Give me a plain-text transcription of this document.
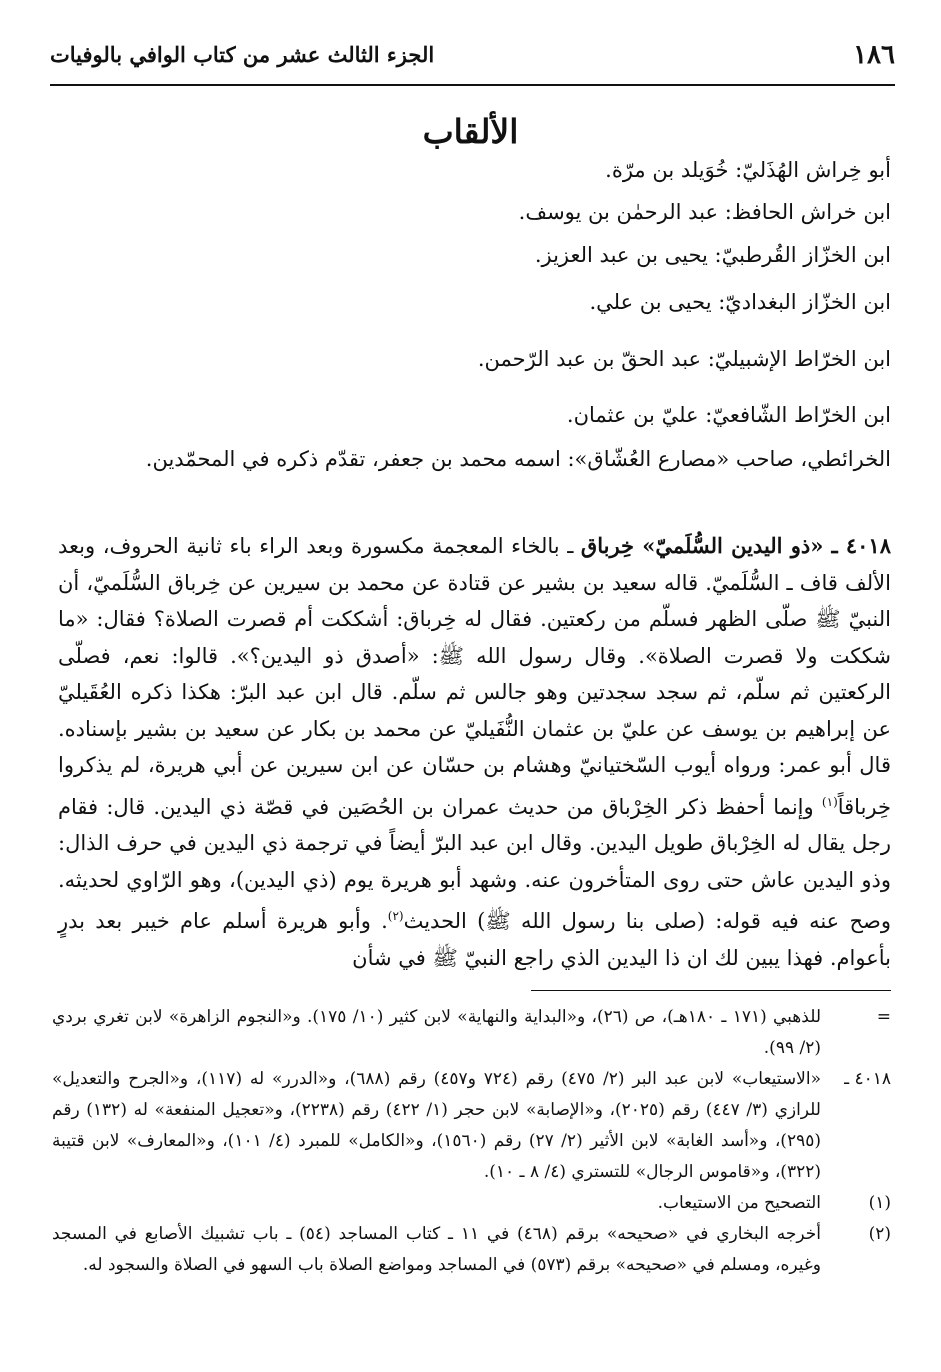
١٨٦
الجزء الثالث عشر من كتاب الوافي بالوفيات
الألقاب

أبو خِراش الهُذَليّ: خُوَيلد بن مرّة.

ابن خراش الحافظ: عبد الرحمٰن بن يوسف.

ابن الخزّاز القُرطبيّ: يحيى بن عبد العزيز.

ابن الخزّاز البغداديّ: يحيى بن علي.

ابن الخرّاط الإشبيليّ: عبد الحقّ بن عبد الرّحمن.

ابن الخرّاط الشّافعيّ: عليّ بن عثمان.

الخرائطي، صاحب «مصارع العُشّاق»: اسمه محمد بن جعفر، تقدّم ذكره في المحمّدين.

٤٠١٨ ـ «ذو اليدين السُّلَميّ» خِرباق ـ بالخاء المعجمة مكسورة وبعد الراء باء ثانية الحروف، وبعد الألف قاف ـ السُّلَميّ. قاله سعيد بن بشير عن قتادة عن محمد بن سيرين عن خِرباق السُّلَميّ، أن النبيّ ﷺ صلّى الظهر فسلّم من ركعتين. فقال له خِرباق: أشككت أم قصرت الصلاة؟ فقال: «ما شككت ولا قصرت الصلاة». وقال رسول الله ﷺ: «أصدق ذو اليدين؟». قالوا: نعم، فصلّى الركعتين ثم سلّم، ثم سجد سجدتين وهو جالس ثم سلّم. قال ابن عبد البرّ: هكذا ذكره العُقَيليّ عن إبراهيم بن يوسف عن عليّ بن عثمان النُّفَيليّ عن محمد بن بكار عن سعيد بن بشير بإسناده. قال أبو عمر: ورواه أيوب السّختيانيّ وهشام بن حسّان عن ابن سيرين عن أبي هريرة، لم يذكروا خِرباقاً$^{(١)}$ وإنما أحفظ ذكر الخِرْباق من حديث عمران بن الحُصَين في قصّة ذي اليدين. قال: فقام رجل يقال له الخِرْباق طويل اليدين. وقال ابن عبد البرّ أيضاً في ترجمة ذي اليدين في حرف الذال: وذو اليدين عاش حتى روى المتأخرون عنه. وشهد أبو هريرة يوم (ذي اليدين)، وهو الرّاوي لحديثه. وصح عنه فيه قوله: (صلى بنا رسول الله ﷺ) الحديث$^{(٢)}$. وأبو هريرة أسلم عام خيبر بعد بدرٍ بأعوام. فهذا يبين لك ان ذا اليدين الذي راجع النبيّ ﷺ في شأن

=
للذهبي (١٧١ ـ ١٨٠هـ)، ص (٢٦)، و«البداية والنهاية» لابن كثير (١٠/ ١٧٥). و«النجوم الزاهرة» لابن تغري بردي (٢/ ٩٩).

٤٠١٨ ـ
«الاستيعاب» لابن عبد البر (٢/ ٤٧٥) رقم (٧٢٤ و٤٥٧) رقم (٦٨٨)، و«الدرر» له (١١٧)، و«الجرح والتعديل» للرازي (٣/ ٤٤٧) رقم (٢٠٢٥)، و«الإصابة» لابن حجر (١/ ٤٢٢) رقم (٢٢٣٨)، و«تعجيل المنفعة» له (١٣٢) رقم (٢٩٥)، و«أسد الغابة» لابن الأثير (٢/ ٢٧) رقم (١٥٦٠)، و«الكامل» للمبرد (٤/ ١٠١)، و«المعارف» لابن قتيبة (٣٢٢)، و«قاموس الرجال» للتستري (٤/ ٨ ـ ١٠).

(١)
التصحيح من الاستيعاب.

(٢)
أخرجه البخاري في «صحيحه» برقم (٤٦٨) في ١١ ـ كتاب المساجد (٥٤) ـ باب تشبيك الأصابع في المسجد وغيره، ومسلم في «صحيحه» برقم (٥٧٣) في المساجد ومواضع الصلاة باب السهو في الصلاة والسجود له.
